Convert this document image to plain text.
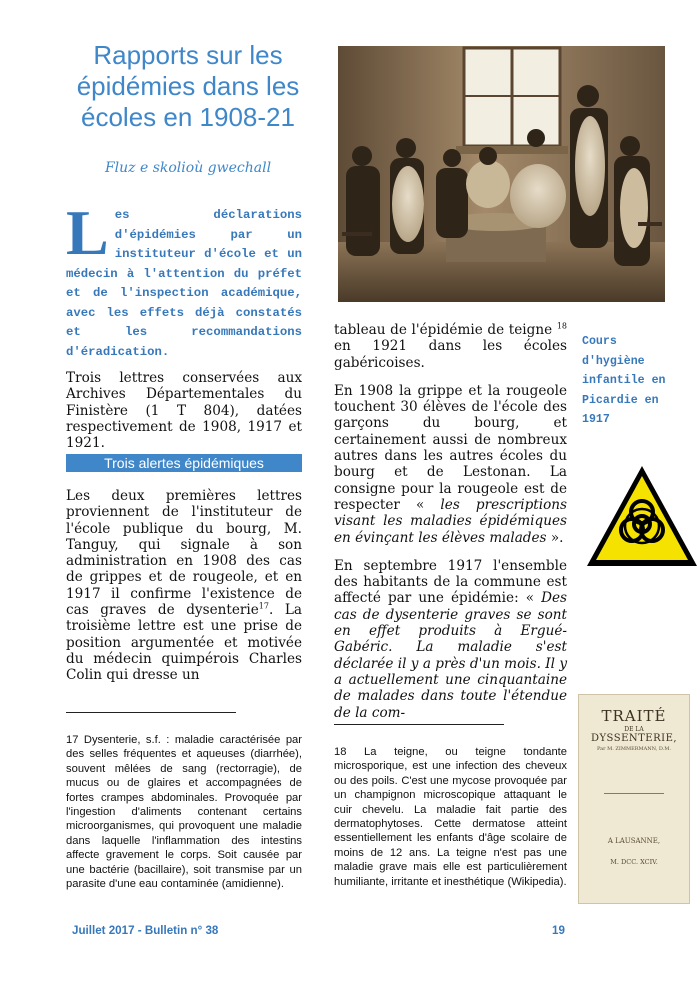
Rapports sur les
épidémies dans les
écoles en 1908-21
Fluz e skolioù gwechall
Les déclarations d'épidémies par un instituteur d'école et un médecin à l'attention du préfet et de l'inspection académique, avec les effets déjà constatés et les recommandations d'éradication.
Trois lettres conservées aux Archives Départementales du Finistère (1 T 804), datées respectivement de 1908, 1917 et 1921.
Trois alertes épidémiques
Les deux premières lettres proviennent de l'instituteur de l'école publique du bourg, M. Tanguy, qui signale à son administration en 1908 des cas de grippes et de rougeole, et en 1917 il confirme l'existence de cas graves de dysenterie$^{17}$. La troisième lettre est une prise de position argumentée et motivée du médecin quimpérois Charles Colin qui dresse un
17 Dysenterie, s.f. : maladie caractérisée par des selles fréquentes et aqueuses (diarrhée), souvent mêlées de sang (rectorragie), de mucus ou de glaires et accompagnées de fortes crampes abdominales. Provoquée par l'ingestion d'aliments contenant certains microorganismes, qui provoquent une maladie dans laquelle l'inflammation des intestins affecte gravement le corps. Soit causée par une bactérie (bacillaire), soit transmise par un parasite d'une eau contaminée (amidienne).

tableau de l'épidémie de teigne $^{18}$ en 1921 dans les écoles gabéricoises.

En 1908 la grippe et la rougeole touchent 30 élèves de l'école des garçons du bourg, et certainement aussi de nombreux autres dans les autres écoles du bourg et de Lestonan. La consigne pour la rougeole est de respecter « les prescriptions visant les maladies épidémiques en évinçant les élèves malades ».

En septembre 1917 l'ensemble des habitants de la commune est affecté par une épidémie: « Des cas de dysenterie graves se sont en effet produits à Ergué-Gabéric. La maladie s'est déclarée il y a près d'un mois. Il y a actuellement une cinquantaine de malades dans toute l'étendue de la com-

18 La teigne, ou teigne tondante microsporique, est une infection des cheveux ou des poils. C'est une mycose provoquée par un champignon microscopique attaquant le cuir chevelu. La maladie fait partie des dermatophytoses. Cette dermatose atteint essentiellement les enfants d'âge scolaire de moins de 12 ans. La teigne n'est pas une maladie grave mais elle est particulièrement humiliante, irritante et inesthétique (Wikipedia).
Cours d'hygiène infantile en Picardie en 1917
TRAITÉ
DE LA
DYSSENTERIE,
Par M. ZIMMERMANN, D.M.
A LAUSANNE,
M. DCC. XCIV.
Juillet 2017 - Bulletin n° 38	19
